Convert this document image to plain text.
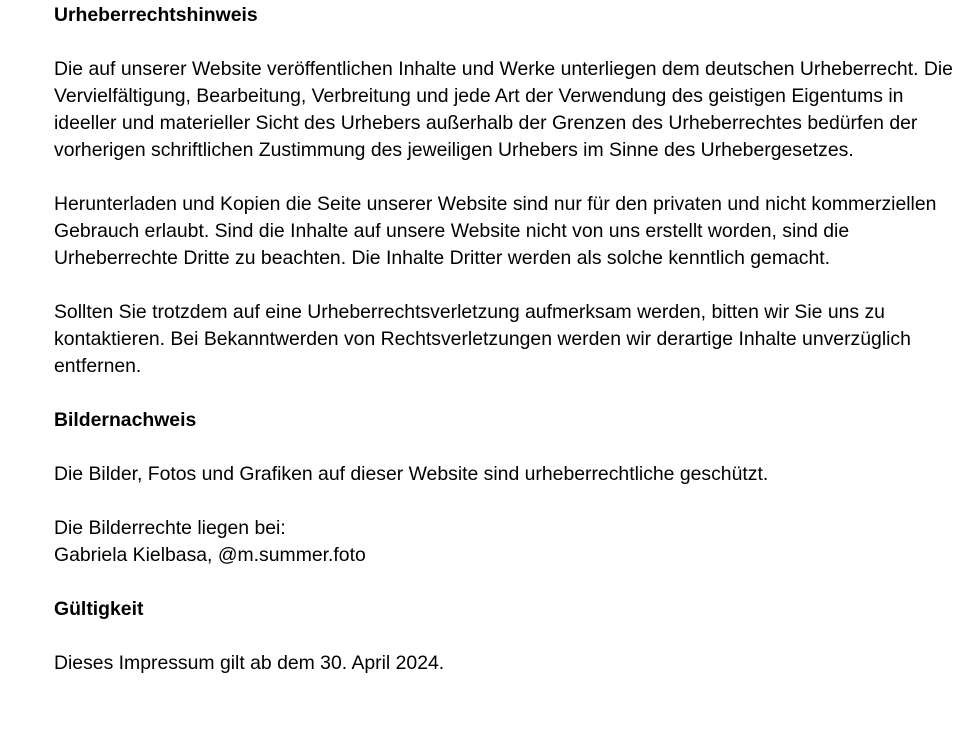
Urheberrechtshinweis

Die auf unserer Website veröffentlichen Inhalte und Werke unterliegen dem deutschen Urheberrecht. Die Vervielfältigung, Bearbeitung, Verbreitung und jede Art der Verwendung des geistigen Eigentums in ideeller und materieller Sicht des Urhebers außerhalb der Grenzen des Urheberrechtes bedürfen der vorherigen schriftlichen Zustimmung des jeweiligen Urhebers im Sinne des Urhebergesetzes.

Herunterladen und Kopien die Seite unserer Website sind nur für den privaten und nicht kommerziellen Gebrauch erlaubt. Sind die Inhalte auf unsere Website nicht von uns erstellt worden, sind die Urheberrechte Dritte zu beachten. Die Inhalte Dritter werden als solche kenntlich gemacht.

Sollten Sie trotzdem auf eine Urheberrechtsverletzung aufmerksam werden, bitten wir Sie uns zu kontaktieren. Bei Bekanntwerden von Rechtsverletzungen werden wir derartige Inhalte unverzüglich entfernen.

Bildernachweis

Die Bilder, Fotos und Grafiken auf dieser Website sind urheberrechtliche geschützt.

Die Bilderrechte liegen bei:

Gabriela Kielbasa, @m.summer.foto

Gültigkeit

Dieses Impressum gilt ab dem 30. April 2024.
